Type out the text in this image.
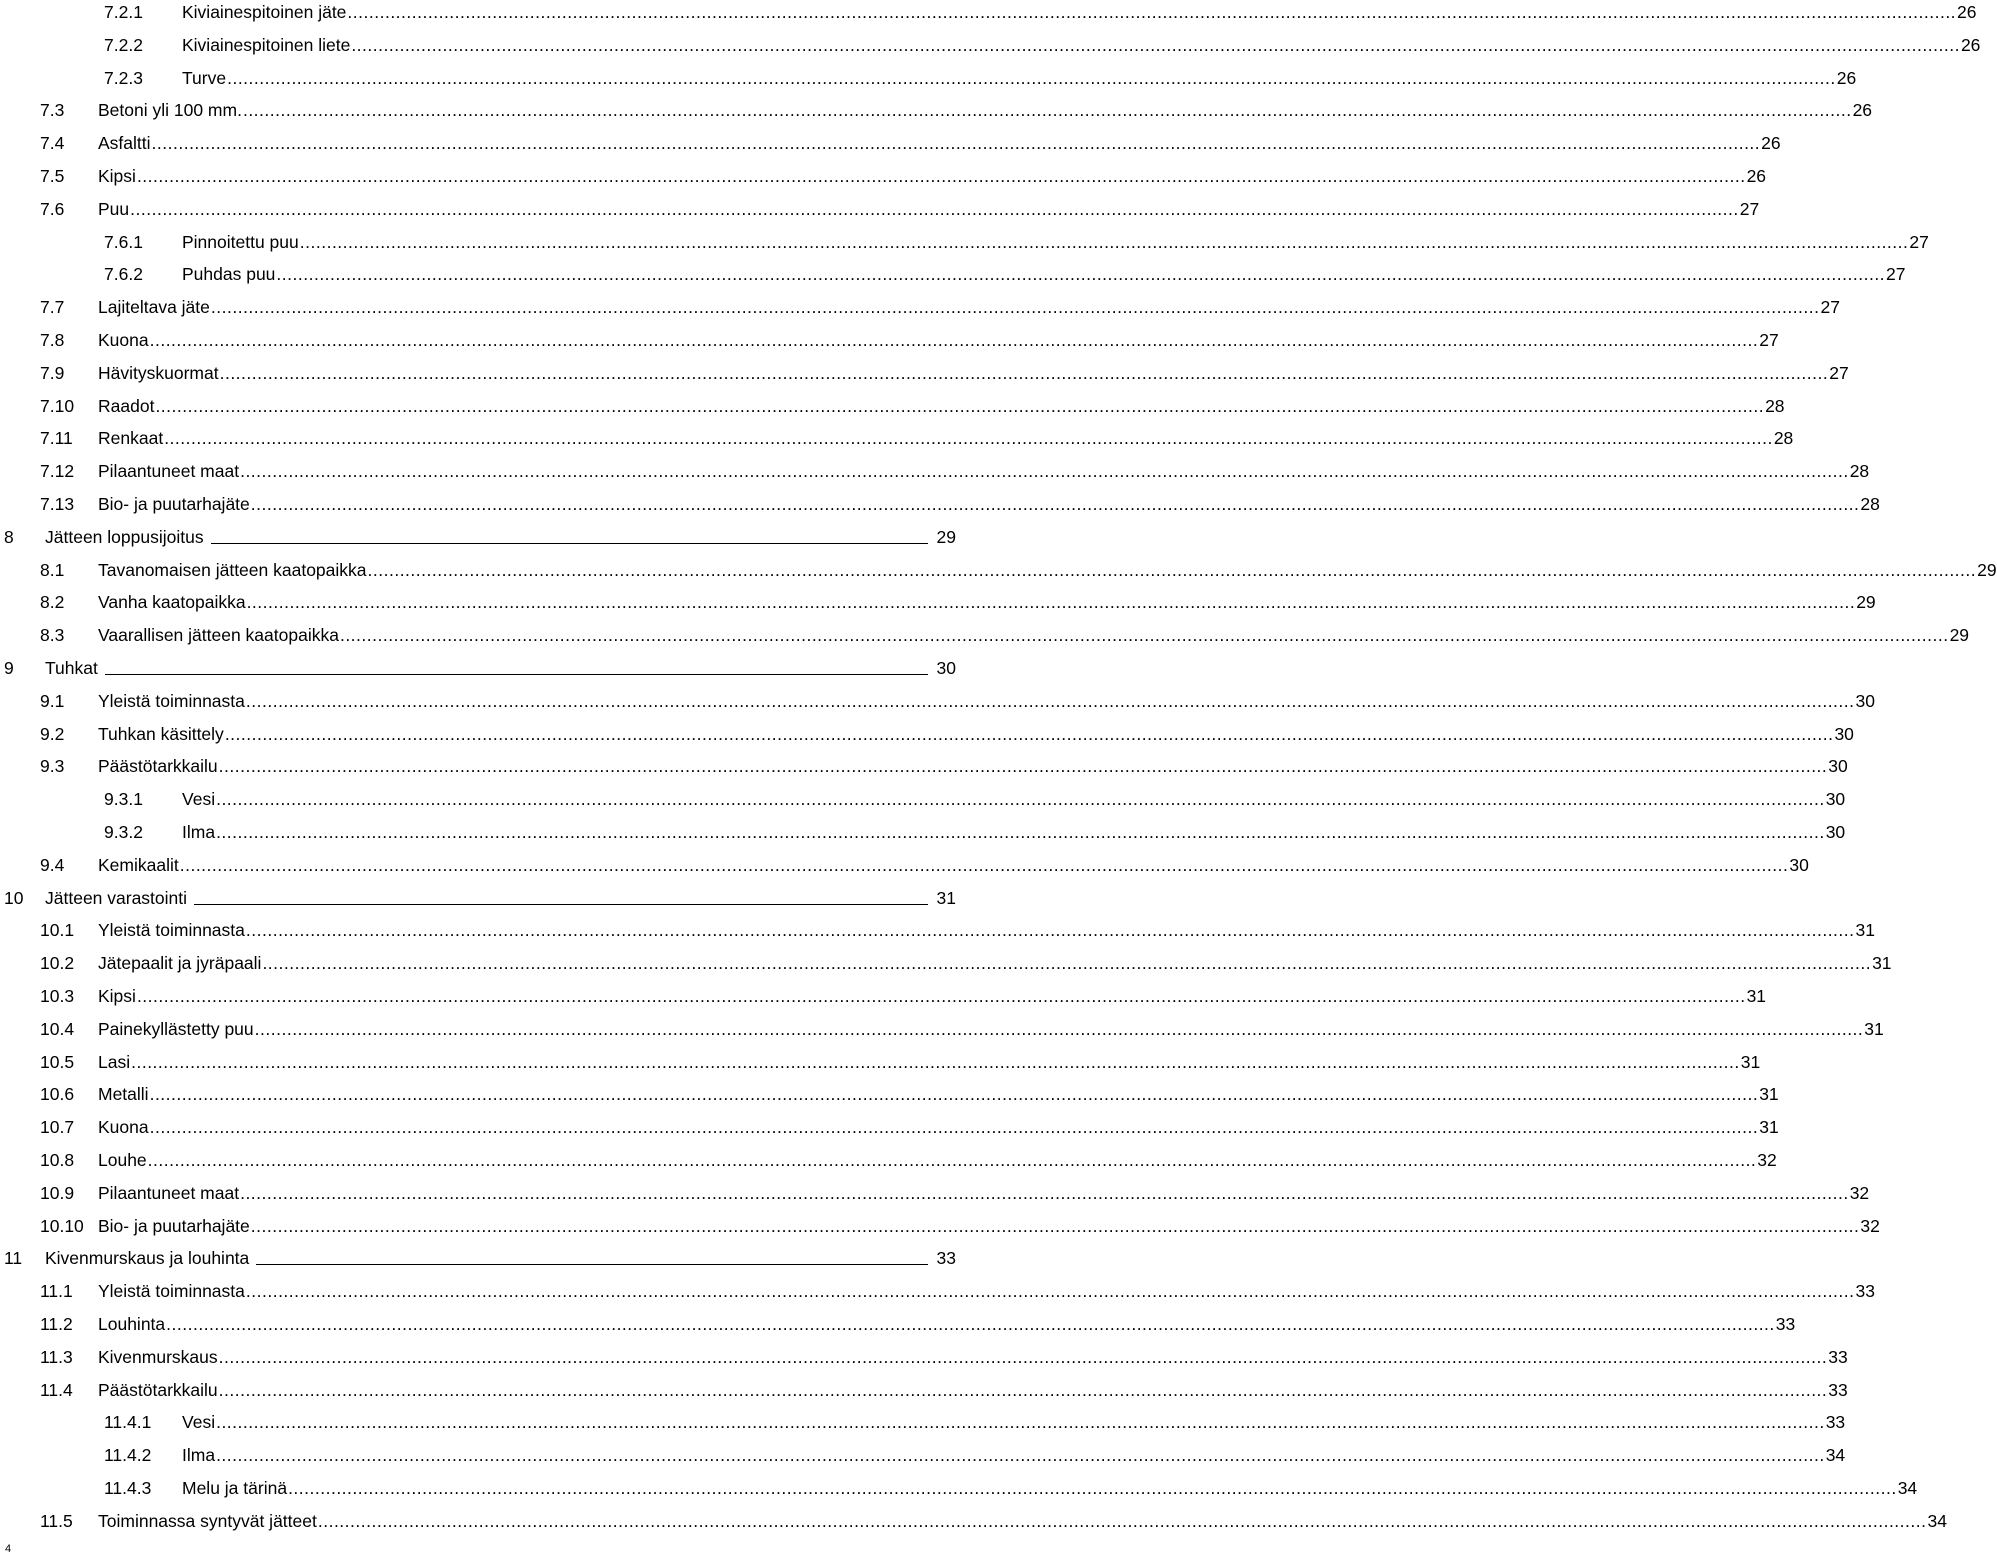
7.2.1 Kiviainespitoinen jäte ............................................................................................................................................................................................................................................................................................................ 26
7.2.2 Kiviainespitoinen liete ............................................................................................................................................................................................................................................................................................................ 26
7.2.3 Turve ............................................................................................................................................................................................................................................................................................................ 26
7.3 Betoni yli 100 mm. ............................................................................................................................................................................................................................................................................................................ 26
7.4 Asfaltti ............................................................................................................................................................................................................................................................................................................ 26
7.5 Kipsi ............................................................................................................................................................................................................................................................................................................ 26
7.6 Puu ............................................................................................................................................................................................................................................................................................................ 27
7.6.1 Pinnoitettu puu ............................................................................................................................................................................................................................................................................................................ 27
7.6.2 Puhdas puu ............................................................................................................................................................................................................................................................................................................ 27
7.7 Lajiteltava jäte ............................................................................................................................................................................................................................................................................................................ 27
7.8 Kuona ............................................................................................................................................................................................................................................................................................................ 27
7.9 Hävityskuormat ............................................................................................................................................................................................................................................................................................................ 27
7.10 Raadot ............................................................................................................................................................................................................................................................................................................ 28
7.11 Renkaat ............................................................................................................................................................................................................................................................................................................ 28
7.12 Pilaantuneet maat ............................................................................................................................................................................................................................................................................................................ 28
7.13 Bio- ja puutarhajäte ............................................................................................................................................................................................................................................................................................................ 28
8 Jätteen loppusijoitus	29
8.1 Tavanomaisen jätteen kaatopaikka ............................................................................................................................................................................................................................................................................................................ 29
8.2 Vanha kaatopaikka ............................................................................................................................................................................................................................................................................................................ 29
8.3 Vaarallisen jätteen kaatopaikka ............................................................................................................................................................................................................................................................................................................ 29
9 Tuhkat	30
9.1 Yleistä toiminnasta ............................................................................................................................................................................................................................................................................................................ 30
9.2 Tuhkan käsittely ............................................................................................................................................................................................................................................................................................................ 30
9.3 Päästötarkkailu ............................................................................................................................................................................................................................................................................................................ 30
9.3.1 Vesi ............................................................................................................................................................................................................................................................................................................ 30
9.3.2 Ilma ............................................................................................................................................................................................................................................................................................................ 30
9.4 Kemikaalit ............................................................................................................................................................................................................................................................................................................ 30
10 Jätteen varastointi	31
10.1 Yleistä toiminnasta ............................................................................................................................................................................................................................................................................................................ 31
10.2 Jätepaalit ja jyräpaali ............................................................................................................................................................................................................................................................................................................ 31
10.3 Kipsi ............................................................................................................................................................................................................................................................................................................ 31
10.4 Painekyllästetty puu ............................................................................................................................................................................................................................................................................................................ 31
10.5 Lasi ............................................................................................................................................................................................................................................................................................................ 31
10.6 Metalli ............................................................................................................................................................................................................................................................................................................ 31
10.7 Kuona ............................................................................................................................................................................................................................................................................................................ 31
10.8 Louhe ............................................................................................................................................................................................................................................................................................................ 32
10.9 Pilaantuneet maat ............................................................................................................................................................................................................................................................................................................ 32
10.10 Bio- ja puutarhajäte ............................................................................................................................................................................................................................................................................................................ 32
11 Kivenmurskaus ja louhinta	33
11.1 Yleistä toiminnasta ............................................................................................................................................................................................................................................................................................................ 33
11.2 Louhinta ............................................................................................................................................................................................................................................................................................................ 33
11.3 Kivenmurskaus ............................................................................................................................................................................................................................................................................................................ 33
11.4 Päästötarkkailu ............................................................................................................................................................................................................................................................................................................ 33
11.4.1 Vesi ............................................................................................................................................................................................................................................................................................................ 33
11.4.2 Ilma ............................................................................................................................................................................................................................................................................................................ 34
11.4.3 Melu ja tärinä ............................................................................................................................................................................................................................................................................................................ 34
11.5 Toiminnassa syntyvät jätteet ............................................................................................................................................................................................................................................................................................................ 34
4
